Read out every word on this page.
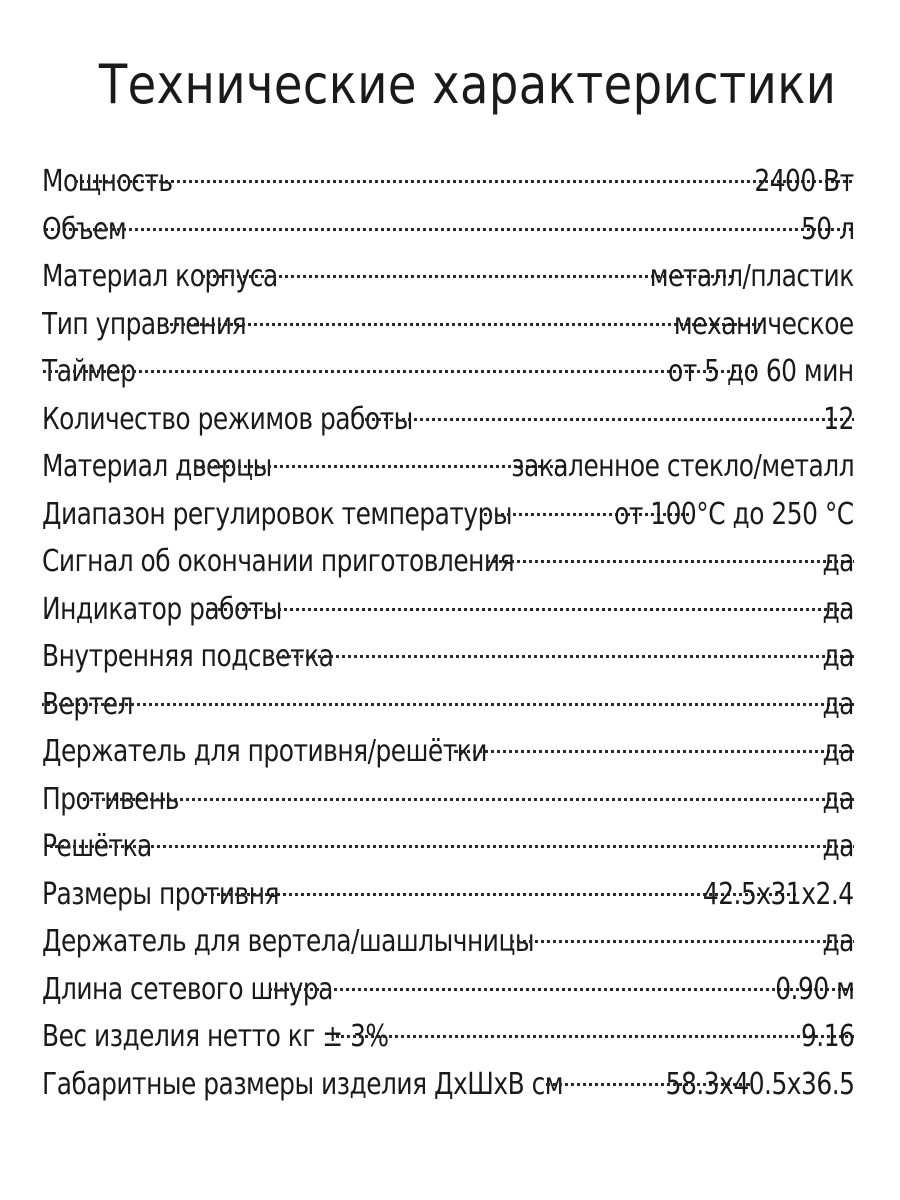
Технические характеристики
Мощность	2400 Вт
Объем	50 л
Материал корпуса	металл/пластик
Тип управления	механическое
Таймер	от 5 до 60 мин
Количество режимов работы	12
Материал дверцы	закаленное стекло/металл
Диапазон регулировок температуры	от 100°С до 250 °С
Сигнал об окончании приготовления	да
Индикатор работы	да
Внутренняя подсветка	да
Вертел	да
Держатель для противня/решётки	да
Противень	да
Решётка	да
Размеры противня	42.5х31х2.4
Держатель для вертела/шашлычницы	да
Длина сетевого шнура	0.90 м
Вес изделия нетто кг ± 3%	9.16
Габаритные размеры изделия ДхШхВ см	58.3х40.5х36.5
